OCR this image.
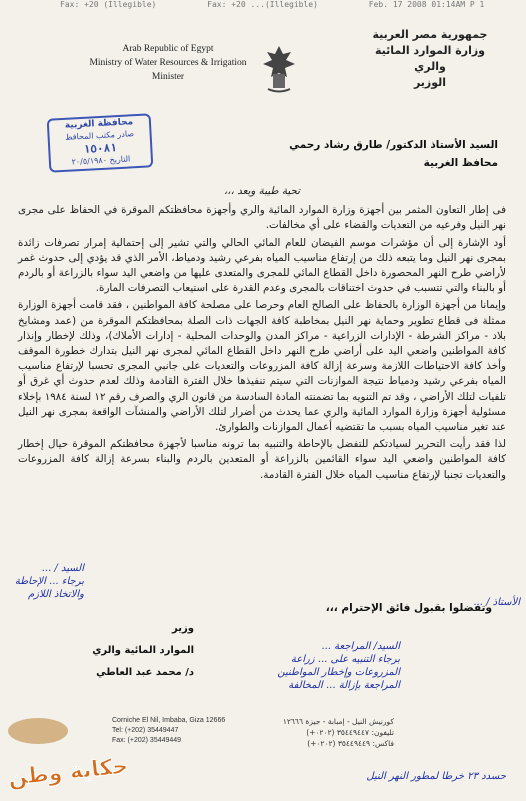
Fax: +20 (Illegible)	Fax: +20 ...(Illegible)	Feb. 17 2008 01:14AM P 1
Arab Republic of Egypt
Ministry of Water Resources & Irrigation
Minister
جمهورية مصر العربية
وزارة الموارد المائية والري
الوزير
محافظة الغربية
صادر مكتب المحافظ
١٥٠٨١
التاريخ ٢٠/٥/١٩٨٠
السيد الأستاذ الدكتور/ طارق رشاد رحمي
محافظ الغربية

تحية طيبة وبعد ،،،

فى إطار التعاون المثمر بين أجهزة وزارة الموارد المائية والري وأجهزة محافظتكم الموقرة في الحفاظ على مجرى نهر النيل وفرعيه من التعديات والقضاء على أي مخالفات.

أود الإشارة إلى أن مؤشرات موسم الفيضان للعام المائي الحالي والتي تشير إلى إحتمالية إمرار تصرفات زائدة بمجرى نهر النيل وما يتبعه ذلك من إرتفاع مناسيب المياه بفرعي رشيد ودمياط، الأمر الذي قد يؤدي إلى حدوث غمر لأراضي طرح النهر المحصورة داخل القطاع المائي للمجرى والمتعدى عليها من واضعي اليد سواء بالزراعة أو بالردم أو بالبناء والتي تتسبب في حدوث اختناقات بالمجرى وعدم القدرة على استيعاب التصرفات المارة.

وإيمانا من أجهزة الوزارة بالحفاظ على الصالح العام وحرصا على مصلحة كافة المواطنين ، فقد قامت أجهزة الوزارة ممثلة فى قطاع تطوير وحماية نهر النيل بمخاطبة كافة الجهات ذات الصلة بمحافظتكم الموقرة من (عمد ومشايخ بلاد - مراكز الشرطة - الإدارات الزراعية - مراكز المدن والوحدات المحلية - إدارات الأملاك)، وذلك لإخطار وإنذار كافة المواطنين واضعي اليد على أراضي طرح النهر داخل القطاع المائي لمجرى نهر النيل بتدارك خطورة الموقف وأخذ كافة الاحتياطات اللازمة وسرعة إزالة كافة المزروعات والتعديات على جانبي المجرى تحسبا لإرتفاع مناسيب المياه بفرعي رشيد ودمياط نتيجة الموازنات التي سيتم تنفيذها خلال الفترة القادمة وذلك لعدم حدوث أي غرق أو تلفيات لتلك الأراضي ، وقد تم التنويه بما تضمنته المادة السادسة من قانون الري والصرف رقم ١٢ لسنة ١٩٨٤ بإخلاء مسئولية أجهزة وزارة الموارد المائية والري عما يحدث من أضرار لتلك الأراضي والمنشآت الواقعة بمجرى نهر النيل عند تغير مناسيب المياه بسبب ما تقتضيه أعمال الموازنات والطوارئ.

لذا فقد رأيت التحرير لسيادتكم للتفضل بالإحاطة والتنبيه بما ترونه مناسبا لأجهزة محافظتكم الموقرة حيال إخطار كافة المواطنين واضعي اليد سواء القائمين بالزراعة أو المتعدين بالردم والبناء بسرعة إزالة كافة المزروعات والتعديات تجنبا لإرتفاع مناسيب المياه خلال الفترة القادمة.

وتفضلوا بقبول فائق الإحترام ،،،
وزير
الموارد المائية والري
د/ محمد عبد العاطي
الأستاذ / ...
السيد/ المراجعة ...
برجاء التنبيه على ... زراعة
المزروعات وإخطار المواطنين
المراجعة بإزالة ... المخالفة
السيد / ...
برجاء ... الإحاطة
والاتخاذ اللازم
حسدد ٢٣ خرطا لمطور النهر النيل
Corniche El Nil, Imbaba, Giza 12666
Tel: (+202) 35449447
Fax: (+202) 35449449
كورنيش النيل - إمبابة - جيزة ١٢٦٦٦
تليفون: ٣٥٤٤٩٤٤٧ (٠٢٠٢+)
فاكس: ٣٥٤٤٩٤٤٩ (٠٢٠٢+)
حكاية وطن
